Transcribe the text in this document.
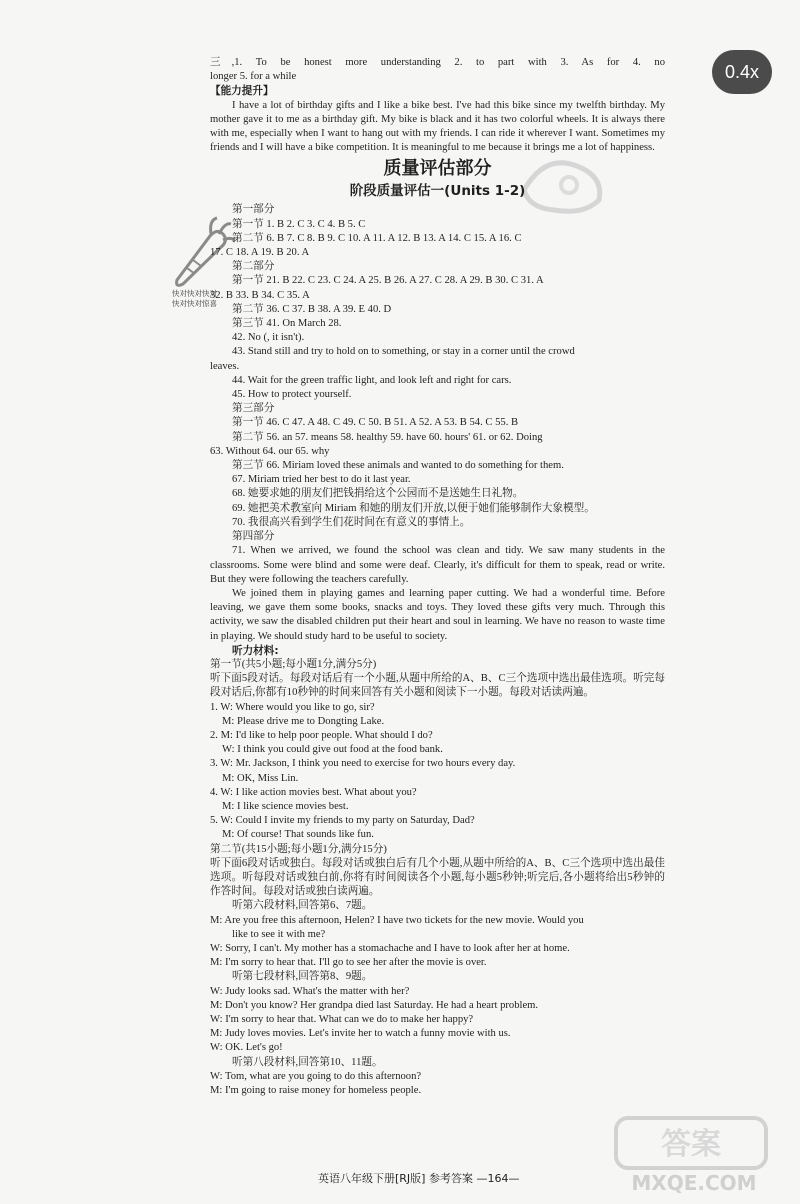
0.4x
快对快对快对
快对快对惊喜
三,1. To be honest more understanding 2. to part with 3. As for 4. no
longer 5. for a while
【能力提升】
I have a lot of birthday gifts and I like a bike best. I've had this bike since my twelfth birthday. My mother gave it to me as a birthday gift. My bike is black and it has two colorful wheels. It is always there with me, especially when I want to hang out with my friends. I can ride it wherever I want. Sometimes my friends and I will have a bike competition. It is meaningful to me because it brings me a lot of happiness.
质量评估部分
阶段质量评估一(Units 1-2)
第一部分
第一节 1. B 2. C 3. C 4. B 5. C
第二节 6. B 7. C 8. B 9. C 10. A 11. A 12. B 13. A 14. C 15. A 16. C
17. C 18. A 19. B 20. A
第二部分
第一节 21. B 22. C 23. C 24. A 25. B 26. A 27. C 28. A 29. B 30. C 31. A
32. B 33. B 34. C 35. A
第二节 36. C 37. B 38. A 39. E 40. D
第三节 41. On March 28.
42. No (, it isn't).
43. Stand still and try to hold on to something, or stay in a corner until the crowd
leaves.
44. Wait for the green traffic light, and look left and right for cars.
45. How to protect yourself.
第三部分
第一节 46. C 47. A 48. C 49. C 50. B 51. A 52. A 53. B 54. C 55. B
第二节 56. an 57. means 58. healthy 59. have 60. hours' 61. or 62. Doing
63. Without 64. our 65. why
第三节 66. Miriam loved these animals and wanted to do something for them.
67. Miriam tried her best to do it last year.
68. 她要求她的朋友们把钱捐给这个公园而不是送她生日礼物。
69. 她把美术教室向 Miriam 和她的朋友们开放,以便于她们能够制作大象模型。
70. 我很高兴看到学生们花时间在有意义的事情上。
第四部分
71. When we arrived, we found the school was clean and tidy. We saw many students in the classrooms. Some were blind and some were deaf. Clearly, it's difficult for them to speak, read or write. But they were following the teachers carefully.
We joined them in playing games and learning paper cutting. We had a wonderful time. Before leaving, we gave them some books, snacks and toys. They loved these gifts very much. Through this activity, we saw the disabled children put their heart and soul in learning. We have no reason to waste time in playing. We should study hard to be useful to society.
听力材料:
第一节(共5小题;每小题1分,满分5分)
听下面5段对话。每段对话后有一个小题,从题中所给的A、B、C三个选项中选出最佳选项。听完每段对话后,你都有10秒钟的时间来回答有关小题和阅读下一小题。每段对话读两遍。
1. W: Where would you like to go, sir?
M: Please drive me to Dongting Lake.
2. M: I'd like to help poor people. What should I do?
W: I think you could give out food at the food bank.
3. W: Mr. Jackson, I think you need to exercise for two hours every day.
M: OK, Miss Lin.
4. W: I like action movies best. What about you?
M: I like science movies best.
5. W: Could I invite my friends to my party on Saturday, Dad?
M: Of course! That sounds like fun.
第二节(共15小题;每小题1分,满分15分)
听下面6段对话或独白。每段对话或独白后有几个小题,从题中所给的A、B、C三个选项中选出最佳选项。听每段对话或独白前,你将有时间阅读各个小题,每小题5秒钟;听完后,各小题将给出5秒钟的作答时间。每段对话或独白读两遍。
听第六段材料,回答第6、7题。
M: Are you free this afternoon, Helen? I have two tickets for the new movie. Would you
like to see it with me?
W: Sorry, I can't. My mother has a stomachache and I have to look after her at home.
M: I'm sorry to hear that. I'll go to see her after the movie is over.
听第七段材料,回答第8、9题。
W: Judy looks sad. What's the matter with her?
M: Don't you know? Her grandpa died last Saturday. He had a heart problem.
W: I'm sorry to hear that. What can we do to make her happy?
M: Judy loves movies. Let's invite her to watch a funny movie with us.
W: OK. Let's go!
听第八段材料,回答第10、11题。
W: Tom, what are you going to do this afternoon?
M: I'm going to raise money for homeless people.
英语八年级下册[RJ版] 参考答案 —164—
答案
MXQE.COM
